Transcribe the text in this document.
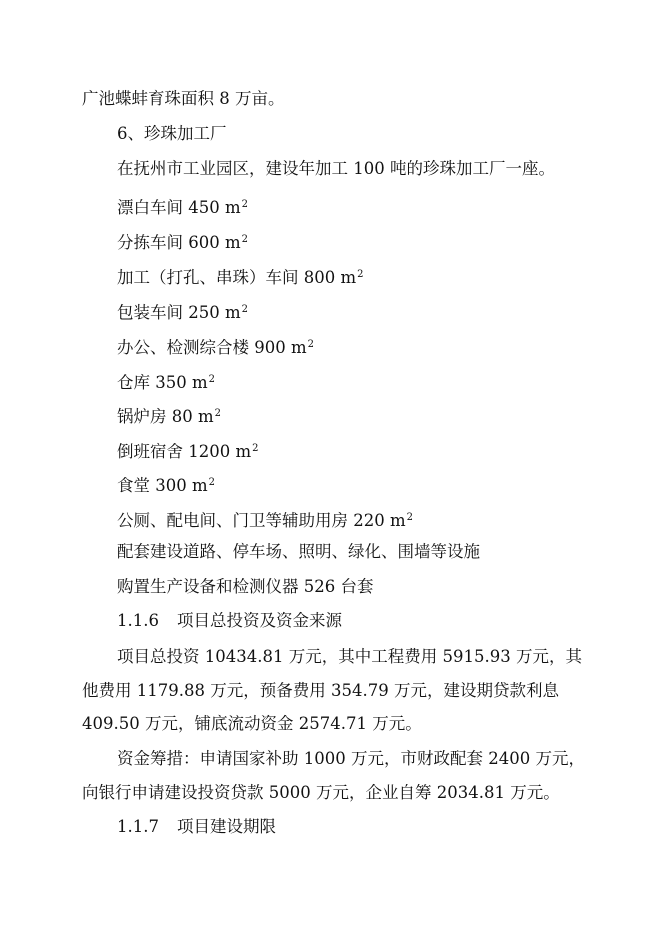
广池蝶蚌育珠面积 8 万亩。
6、珍珠加工厂
在抚州市工业园区，建设年加工 100 吨的珍珠加工厂一座。
漂白车间 450 $m^2$
分拣车间 600 $m^2$
加工（打孔、串珠）车间 800 $m^2$
包装车间 250 $m^2$
办公、检测综合楼 900 $m^2$
仓库 350 $m^2$
锅炉房 80 $m^2$
倒班宿舍 1200 $m^2$
食堂 300 $m^2$
公厕、配电间、门卫等辅助用房 220 $m^2$
配套建设道路、停车场、照明、绿化、围墙等设施
购置生产设备和检测仪器 526 台套
1.1.6 项目总投资及资金来源
项目总投资 10434.81 万元，其中工程费用 5915.93 万元，其
他费用 1179.88 万元，预备费用 354.79 万元，建设期贷款利息
409.50 万元，铺底流动资金 2574.71 万元。
资金筹措：申请国家补助 1000 万元，市财政配套 2400 万元，
向银行申请建设投资贷款 5000 万元，企业自筹 2034.81 万元。
1.1.7 项目建设期限
